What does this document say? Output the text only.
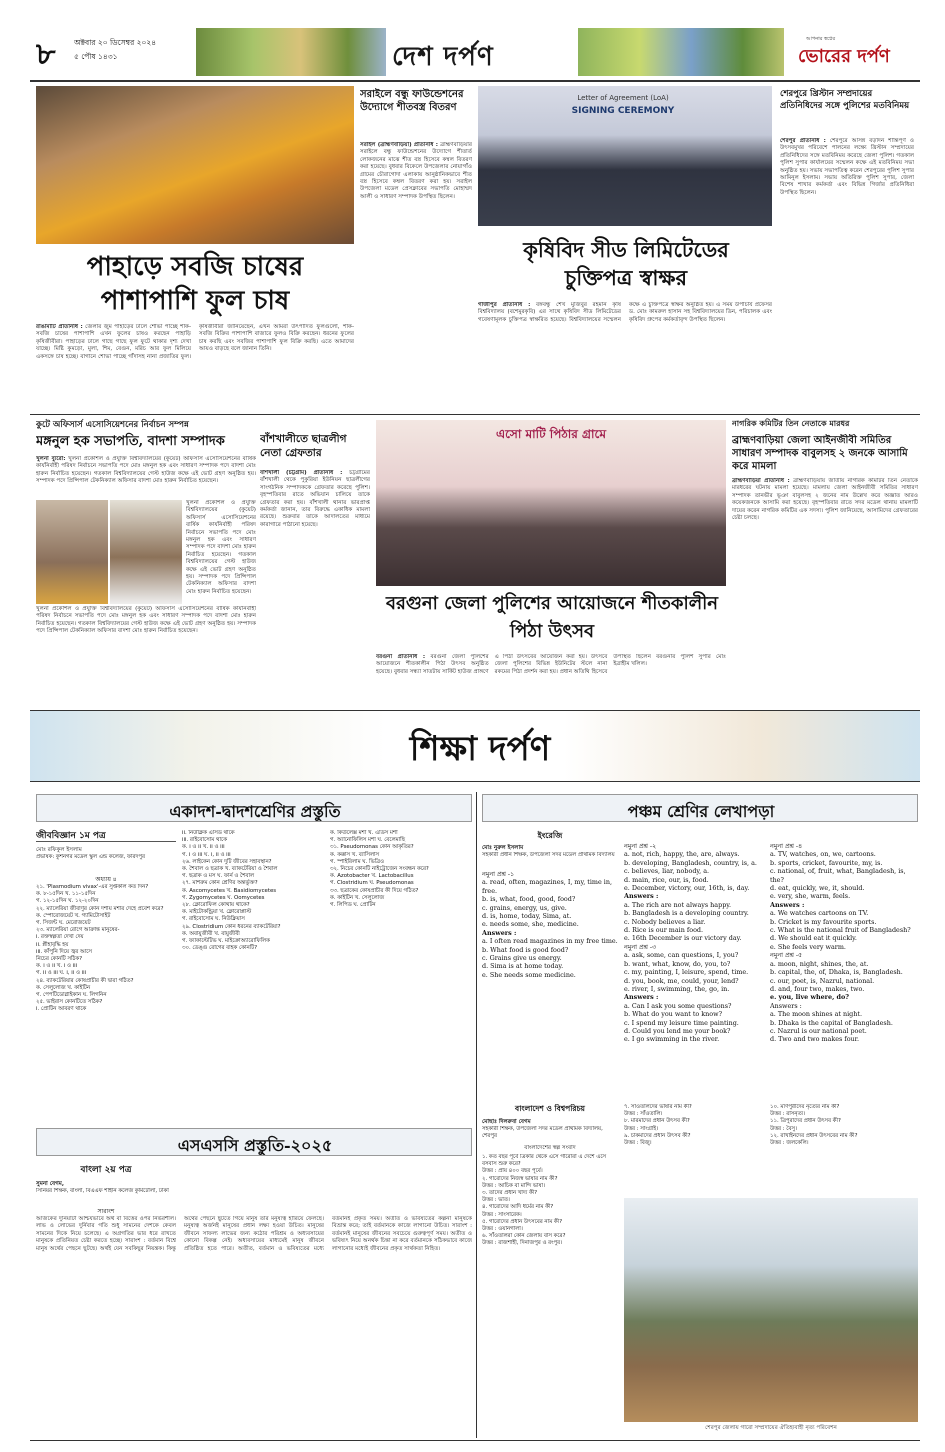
৮	অক্টবার ২০ ডিসেম্বর ২০২৪
৫ পৌষ ১৪৩১	দেশ দর্পণ
আপনার স্বপ্নের
ভোরের দর্পণ
পাহাড়ে সবজি চাষের পাশাপাশি ফুল চাষ
রাঙামাটি প্রতিনিধি : জেলার জুম পাহাড়ের ঢালে শোভা পাচ্ছে শাক-সবজি চাষের পাশাপাশি এখন ফুলের চাষও করছেন পাহাড়ি কৃষিজীবীরা। পাহাড়ের ঢালে গাছে গাছে ফুল ফুটে থাকার দৃশ্য দেখা যাচ্ছে। মিষ্টি কুমড়ো, মুলা, শিম, বেগুন, মরিচ আর ফুল মিলিয়ে একসঙ্গে চাষ হচ্ছে। বাগানে শোভা পাচ্ছে গাঁদাসহ নানা প্রজাতির ফুল। কৃষিজীবীরা জানিয়েছেন, এখন আমরা উৎপাদিত ফুলগুলো, শাক-সবজি বিক্রির পাশাপাশি বাজারে ফুলও বিক্রি করছেন। ধরনের ফুলের চাষ করছি এবং সবজির পাশাপাশি ফুল বিক্রি করছি। এতে আমাদের আয়ও বাড়ছে বলে জানান তিনি।
সরাইলে বন্ধু ফাউন্ডেশনের উদ্যোগে শীতবস্ত্র বিতরণ
সরাইল (ব্রাহ্মণবাড়িয়া) প্রতিনিধি : ব্রাহ্মণবাড়িয়ার সরাইলে বন্ধু ফাউন্ডেশনের উদ্যোগে শীতার্ত লোকজনের মাঝে শীত বস্ত্র হিসেবে কম্বল বিতরণ করা হয়েছে। বুধবার বিকেলে উপজেলার নোয়াগাঁও গ্রামের চৌরাগোদা এলাকায় আনুষ্ঠানিকভাবে শীত বস্ত্র হিসেবে কম্বল বিতরণ করা হয়। সরাইল উপজেলা মডেল প্রেসক্লাবের সভাপতি মোহাম্মদ আলী ও সাধারণ সম্পাদক উপস্থিত ছিলেন।
Letter of Agreement (LoA)
SIGNING CEREMONY
কৃষিবিদ সীড লিমিটেডের চুক্তিপত্র স্বাক্ষর
গাজীপুর প্রতিনিধি : বঙ্গবন্ধু শেখ মুজিবুর রহমান কৃষি বিশ্ববিদ্যালয় (বশেমুরকৃবি) এর সাথে কৃষিবিদ সীড লিমিটেডের গবেষণামূলক চুক্তিপত্র স্বাক্ষরিত হয়েছে। বিশ্ববিদ্যালয়ের সম্মেলন কক্ষে এ চুক্তিপত্রে স্বাক্ষর অনুষ্ঠিত হয়। এ সময় উপাচার্য প্রফেসর ড. মোঃ কামরুল হাসান সহ বিশ্ববিদ্যালয়ের ডিন, পরিচালক এবং কৃষিবিদ গ্রুপের কর্মকর্তাবৃন্দ উপস্থিত ছিলেন।
শেরপুরে খ্রিস্টান সম্প্রদায়ের প্রতিনিধিদের সঙ্গে পুলিশের মতবিনিময়
শেরপুর প্রতিনিধি : শেরপুরে আসন্ন বড়দিন শান্তিপূর্ণ ও উৎসবমুখর পরিবেশে পালনের লক্ষ্যে খ্রিস্টান সম্প্রদায়ের প্রতিনিধিদের সঙ্গে মতবিনিময় করেছে জেলা পুলিশ। গতকাল পুলিশ সুপার কার্যালয়ের সম্মেলন কক্ষে এই মতবিনিময় সভা অনুষ্ঠিত হয়। সভায় সভাপতিত্ব করেন শেরপুরের পুলিশ সুপার আমিনুল ইসলাম। সভায় অতিরিক্ত পুলিশ সুপার, জেলা বিশেষ শাখার কর্মকর্তা এবং বিভিন্ন গির্জার প্রতিনিধিরা উপস্থিত ছিলেন।
কুটে অফিসার্স এসোসিয়েশনের নির্বাচন সম্পন্ন
মঙ্গনুল হক সভাপতি, বাদশা সম্পাদক
খুলনা ব্যুরো: খুলনা প্রকৌশল ও প্রযুক্তি বিশ্ববিদ্যালয়ের (কুয়েট) অফিসার্স এসোসিয়েশনের বার্ষিক কার্যনির্বাহী পরিষদ নির্বাচনে সভাপতি পদে মোঃ মঙ্গনুল হক এবং সাধারণ সম্পাদক পদে বাদশা মোঃ হারুন নির্বাচিত হয়েছেন। গতকাল বিশ্ববিদ্যালয়ের গেস্ট হাউজ কক্ষে এই ভোট গ্রহণ অনুষ্ঠিত হয়। সম্পাদক পদে প্রিন্সিপাল টেকনিক্যাল অফিসার বাদশা মোঃ হারুন নির্বাচিত হয়েছেন।
খুলনা প্রকৌশল ও প্রযুক্তি বিশ্ববিদ্যালয়ের (কুয়েট) অফিসার্স এসোসিয়েশনের বার্ষিক কার্যনির্বাহী পরিষদ নির্বাচনে সভাপতি পদে মোঃ মঙ্গনুল হক এবং সাধারণ সম্পাদক পদে বাদশা মোঃ হারুন নির্বাচিত হয়েছেন। গতকাল বিশ্ববিদ্যালয়ের গেস্ট হাউজ কক্ষে এই ভোট গ্রহণ অনুষ্ঠিত হয়। সম্পাদক পদে প্রিন্সিপাল টেকনিক্যাল অফিসার বাদশা মোঃ হারুন নির্বাচিত হয়েছেন।
খুলনা প্রকৌশল ও প্রযুক্তি বিশ্ববিদ্যালয়ের (কুয়েট) অফিসার্স এসোসিয়েশনের বার্ষিক কার্যনির্বাহী পরিষদ নির্বাচনে সভাপতি পদে মোঃ মঙ্গনুল হক এবং সাধারণ সম্পাদক পদে বাদশা মোঃ হারুন নির্বাচিত হয়েছেন। গতকাল বিশ্ববিদ্যালয়ের গেস্ট হাউজ কক্ষে এই ভোট গ্রহণ অনুষ্ঠিত হয়। সম্পাদক পদে প্রিন্সিপাল টেকনিক্যাল অফিসার বাদশা মোঃ হারুন নির্বাচিত হয়েছেন।
বাঁশখালীতে ছাত্রলীগ নেতা গ্রেফতার
বাঁশখালী (চট্টগ্রাম) প্রতিনিধি : চট্টগ্রামের বাঁশখালী থেকে পুকুরিয়া ইউনিয়ন ছাত্রলীগের সাংগঠনিক সম্পাদককে গ্রেফতার করেছে পুলিশ। বৃহস্পতিবার রাতে অভিযান চালিয়ে তাকে গ্রেফতার করা হয়। বাঁশখালী থানার ভারপ্রাপ্ত কর্মকর্তা জানান, তার বিরুদ্ধে একাধিক মামলা রয়েছে। শুক্রবার তাকে আদালতের মাধ্যমে কারাগারে পাঠানো হয়েছে।
এসো মাটি পিঠার গ্রামে
বরগুনা জেলা পুলিশের আয়োজনে শীতকালীন পিঠা উৎসব
বরগুনা প্রতিনিধি : বরগুনা জেলা পুলিশের আয়োজনে শীতকালীন পিঠা উৎসব অনুষ্ঠিত হয়েছে। বুধবার সন্ধ্যা সাতটায় সার্কিট হাউজ প্রাঙ্গণে এ পিঠা উৎসবের আয়োজন করা হয়। উৎসবে জেলা পুলিশের বিভিন্ন ইউনিটের স্টলে নানা রকমের পিঠা প্রদর্শন করা হয়। প্রধান অতিথি হিসেবে উপস্থিত ছিলেন বরগুনার পুলিশ সুপার মোঃ ইব্রাহীম খলিল।
নাগরিক কমিটির তিন নেতাকে মারধর
ব্রাহ্মণবাড়িয়া জেলা আইনজীবী সমিতির সাধারণ সম্পাদক বাবুলসহ ২ জনকে আসামি করে মামলা
ব্রাহ্মণবাড়িয়া প্রতিনিধি : ব্রাহ্মণবাড়িয়ায় জাতীয় নাগরিক কমিটির তিন নেতাকে মারধরের ঘটনায় মামলা হয়েছে। মামলায় জেলা আইনজীবী সমিতির সাধারণ সম্পাদক তানভীর ভূঞা বাবুলসহ ২ জনের নাম উল্লেখ করে অজ্ঞাত আরও কয়েকজনকে আসামি করা হয়েছে। বৃহস্পতিবার রাতে সদর মডেল থানায় মামলাটি দায়ের করেন নাগরিক কমিটির এক সদস্য। পুলিশ জানিয়েছে, আসামিদের গ্রেফতারের চেষ্টা চলছে।
শিক্ষা দর্পণ
একাদশ-দ্বাদশশ্রেণির প্রস্তুতি
জীববিজ্ঞান ১ম পত্র
মোঃ রফিকুল ইসলাম
প্রভাষক: কুশনগর মডেল স্কুল এন্ড কলেজ, ফরিদপুর
অধ্যায় ৪
২১. 'Plasmodium vivax'-এর সুপ্তকাল কত দিন?
ক. ৮-১৫দিন খ. ১১-১৫দিন
গ. ১২-১৫দিন ঘ. ১২-২০দিন
২২. ম্যালেরিয়া জীবাণুর কোন দশায় মশার দেহে প্রবেশ করে?
ক. স্পোরোজয়েট খ. গ্যামিটোসাইট
গ. সিজন্ট ঘ. মেরোজয়েট
২৩. ম্যালেরিয়া রোগে আক্রান্ত মানুষের-
i. রক্তস্বল্পতা দেখা দেয়
ii. প্লীহাবৃদ্ধি হয়
iii. কাঁপুনি দিয়ে জ্বর আসে
নিচের কোনটি সঠিক?
ক. i ও ii খ. i ও iii
গ. ii ও iii ঘ. i, ii ও iii
২৪. ব্যাকটেরিয়ার কোষপ্রাচীর কী দ্বারা গঠিত?
ক. সেলুলোজ খ. কাইটিন
গ. পেপটিডোগ্লাইকান ঘ. লিগনিন
২৫. ভাইরাস কোনটিতে সঠিক?
i. প্রোটিন আবরণ থাকে
ii. নিউক্লিক এসিড থাকে
iii. রাইবোসোম থাকে
ক. i ও ii খ. ii ও iii
গ. i ও iii ঘ. i, ii ও iii
২৬. লাইকেন কোন দুটি জীবের সহাবস্থান?
ক. শৈবাল ও ছত্রাক খ. ব্যাকটেরিয়া ও শৈবাল
গ. ছত্রাক ও মস ঘ. ফার্ন ও শৈবাল
২৭. মাশরুম কোন শ্রেণির অন্তর্ভুক্ত?
ক. Ascomycetes খ. Basidiomycetes
গ. Zygomycetes ঘ. Oomycetes
২৮. ক্লোরোফিল কোথায় থাকে?
ক. মাইটোকন্ড্রিয়া খ. ক্লোরোপ্লাস্ট
গ. রাইবোসোম ঘ. নিউক্লিয়াস
২৯. Clostridium কোন ধরনের ব্যাকটেরিয়া?
ক. অবায়ুজীবী খ. বায়ুজীবী
গ. ফ্যাকাল্টেটিভ ঘ. মাইক্রোঅ্যারোফিলিক
৩০. ডেঙ্গু রোগের বাহক কোনটি?
ক. কিউলেক্স মশা খ. এডিস মশা
গ. অ্যানোফিলিস মশা ঘ. বেলেমাছি
৩১. Pseudomonas কোন আকৃতির?
ক. কক্কাস খ. ব্যাসিলাস
গ. স্পাইরিলাম ঘ. ভিব্রিও
৩২. নিচের কোনটি নাইট্রোজেন সংবন্ধন করে?
ক. Azotobacter খ. Lactobacillus
গ. Clostridium ঘ. Pseudomonas
৩৩. ছত্রাকের কোষপ্রাচীর কী দিয়ে গঠিত?
ক. কাইটিন খ. সেলুলোজ
গ. লিপিড ঘ. প্রোটিন
এসএসসি প্রস্তুতি-২০২৫
বাংলা ২য় পত্র
সুমনা বেগম,
সিনিয়র শিক্ষক, বাংলা, বিএএফ শাহীন কলেজ কুর্মিটোলা, ঢাকা
সারাংশ
আজকের দুনিয়াটা আশ্চর্যভাবে অর্থ বা বিত্তের ওপর নির্ভরশীল। লাভ ও লোভের দুর্নিবার গতি শুধু সামনের দেশকে কেবল সামনের দিকে নিয়ে চলেছে। এ অগ্রগতির ভার ধরে রাখতে মানুষকে প্রতিনিয়ত চেষ্টা করতে হচ্ছে। সারাংশ : বর্তমান বিশ্বে মানুষ অর্থের পেছনে ছুটছে। অর্থই যেন সবকিছুর নিয়ন্ত্রক। কিন্তু অর্থের পেছনে ছুটতে গিয়ে মানুষ তার মনুষ্যত্ব হারিয়ে ফেলছে। মনুষ্যত্ব অর্জনই মানুষের প্রধান লক্ষ্য হওয়া উচিত। মানুষের জীবনে সাফল্য লাভের জন্য কঠোর পরিশ্রম ও অধ্যবসায়ের কোনো বিকল্প নেই। অধ্যবসায়ের মাধ্যমেই মানুষ জীবনে প্রতিষ্ঠিত হতে পারে। অতীত, বর্তমান ও ভবিষ্যতের মধ্যে বর্তমানই প্রকৃত সময়। অতীত ও ভবিষ্যতের কল্পনা মানুষকে বিভ্রান্ত করে; তাই বর্তমানকে কাজে লাগানো উচিত। সারাংশ : বর্তমানই মানুষের জীবনের সবচেয়ে গুরুত্বপূর্ণ সময়। অতীত ও ভবিষ্যৎ নিয়ে অনর্থক চিন্তা না করে বর্তমানকে সঠিকভাবে কাজে লাগানোর মধ্যেই জীবনের প্রকৃত সার্থকতা নিহিত।
পঞ্চম শ্রেণির লেখাপড়া
ইংরেজি
মোঃ নুরুল ইসলাম
সহকারী প্রধান শিক্ষক, উপজেলা সদর মডেল প্রাথমিক বিদ্যালয়
নমুনা প্রশ্ন -১
a. read, often, magazines, I, my, time in, free.
b. is, what, food, good, food?
c. grains, energy, us, give.
d. is, home, today, Sima, at.
e. needs some, she, medicine.
Answers :
a. I often read magazines in my free time.
b. What food is good food?
c. Grains give us energy.
d. Sima is at home today.
e. She needs some medicine.
নমুনা প্রশ্ন -২
a. not, rich, happy, the, are, always.
b. developing, Bangladesh, country, is, a.
c. believes, liar, nobody, a.
d. main, rice, our, is, food.
e. December, victory, our, 16th, is, day.
Answers :
a. The rich are not always happy.
b. Bangladesh is a developing country.
c. Nobody believes a liar.
d. Rice is our main food.
e. 16th December is our victory day.
নমুনা প্রশ্ন -৩
a. ask, some, can questions, I, you?
b. want, what, know, do, you, to?
c. my, painting, I, leisure, spend, time.
d. you, book, me, could, your, lend?
e. river, I, swimming, the, go, in.
Answers :
a. Can I ask you some questions?
b. What do you want to know?
c. I spend my leisure time painting.
d. Could you lend me your book?
e. I go swimming in the river.
নমুনা প্রশ্ন -৪
a. TV, watches, on, we, cartoons.
b. sports, cricket, favourite, my, is.
c. national, of, fruit, what, Bangladesh, is, the?
d. eat, quickly, we, it, should.
e. very, she, warm, feels.
Answers :
a. We watches cartoons on TV.
b. Cricket is my favourite sports.
c. What is the national fruit of Bangladesh?
d. We should eat it quickly.
e. She feels very warm.
নমুনা প্রশ্ন -৫
a. moon, night, shines, the, at.
b. capital, the, of, Dhaka, is, Bangladesh.
c. our, poet, is, Nazrul, national.
d. and, four two, makes, two.
e. you, live where, do?
Answers :
a. The moon shines at night.
b. Dhaka is the capital of Bangladesh.
c. Nazrul is our national poet.
d. Two and two makes four.
বাংলাদেশ ও বিশ্বপরিচয়
মোছাঃ দিলরুবা বেগম
সহকারী শিক্ষক, উপজেলা সদর মডেল প্রাথমিক বিদ্যালয়, শেরপুর
বাংলাদেশের স্বল্প সংবাদ
১. কত বছর পূর্বে ত্রিকার থেকে এসে গারোরা এ দেশে এসে বসবাস শুরু করে?
উত্তর : প্রায় ৪০০ বছর পূর্বে।
২. গারোদের নিজস্ব ভাষার নাম কী?
উত্তর : আচিক বা মান্দি ভাষা।
৩. তাদের প্রধান খাদ্য কী?
উত্তর : ভাত।
৪. গারোদের আদি ধর্মের নাম কী?
উত্তর : সাংসারেক।
৫. গারোদের প্রধান উৎসবের নাম কী?
উত্তর : ওয়ানগালা।
৬. সাঁওতালরা কোন জেলায় বাস করে?
উত্তর : রাজশাহী, দিনাজপুর ও রংপুর।
৭. সাঁওতালদের ভাষার নাম কী?
উত্তর : সাঁওতালি।
৮. মারমাদের প্রধান উৎসব কী?
উত্তর : সাংগ্রাই।
৯. চাকমাদের প্রধান উৎসব কী?
উত্তর : বিজু।
১০. মণিপুরীদের নৃত্যের নাম কী?
উত্তর : রাসনৃত্য।
১১. ত্রিপুরাদের প্রধান উৎসব কী?
উত্তর : বৈসু।
১২. রাখাইনদের প্রধান উৎসবের নাম কী?
উত্তর : জলকেলি।
শেরপুর জেলায় গারো সম্প্রদায়ের ঐতিহ্যবাহী নৃত্য পরিবেশন
